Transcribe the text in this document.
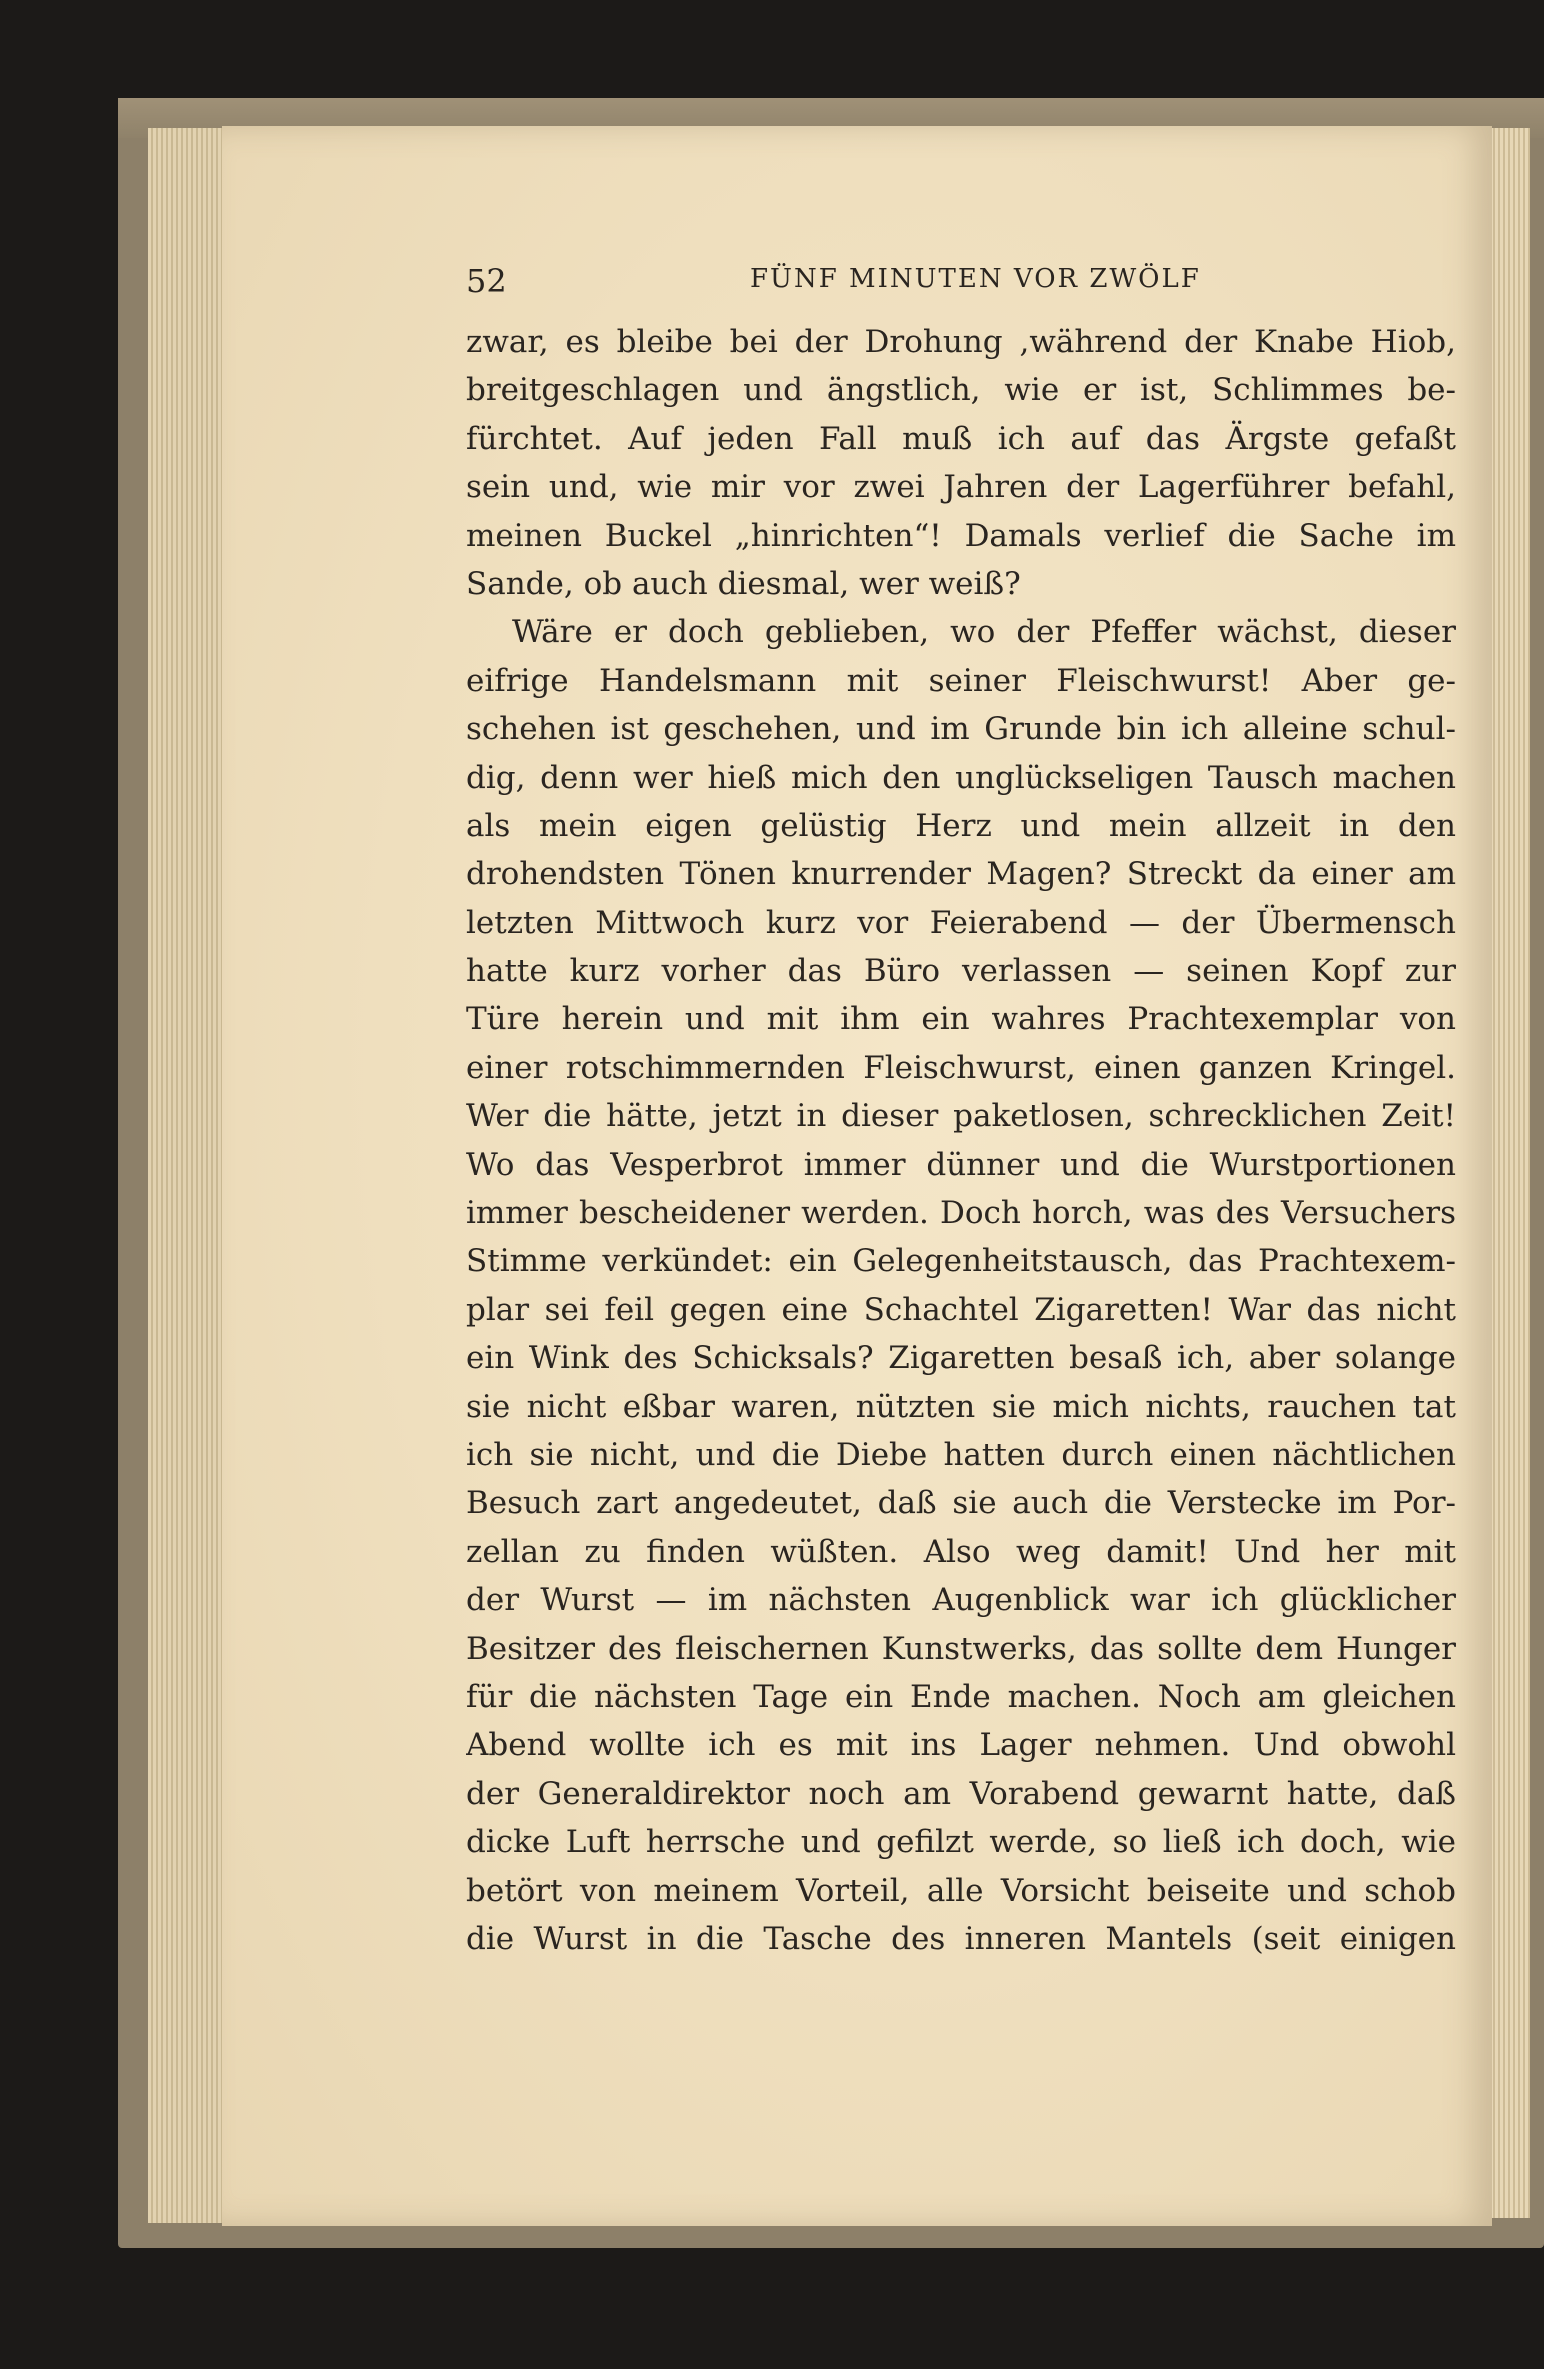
52	FÜNF MINUTEN VOR ZWÖLF
zwar, es bleibe bei der Drohung ,während der Knabe Hiob,
breitgeschlagen und ängstlich, wie er ist, Schlimmes be-
fürchtet. Auf jeden Fall muß ich auf das Ärgste gefaßt
sein und, wie mir vor zwei Jahren der Lagerführer befahl,
meinen Buckel „hinrichten“! Damals verlief die Sache im
Sande, ob auch diesmal, wer weiß?
Wäre er doch geblieben, wo der Pfeffer wächst, dieser
eifrige Handelsmann mit seiner Fleischwurst! Aber ge-
schehen ist geschehen, und im Grunde bin ich alleine schul-
dig, denn wer hieß mich den unglückseligen Tausch machen
als mein eigen gelüstig Herz und mein allzeit in den
drohendsten Tönen knurrender Magen? Streckt da einer am
letzten Mittwoch kurz vor Feierabend — der Übermensch
hatte kurz vorher das Büro verlassen — seinen Kopf zur
Türe herein und mit ihm ein wahres Prachtexemplar von
einer rotschimmernden Fleischwurst, einen ganzen Kringel.
Wer die hätte, jetzt in dieser paketlosen, schrecklichen Zeit!
Wo das Vesperbrot immer dünner und die Wurstportionen
immer bescheidener werden. Doch horch, was des Versuchers
Stimme verkündet: ein Gelegenheitstausch, das Prachtexem-
plar sei feil gegen eine Schachtel Zigaretten! War das nicht
ein Wink des Schicksals? Zigaretten besaß ich, aber solange
sie nicht eßbar waren, nützten sie mich nichts, rauchen tat
ich sie nicht, und die Diebe hatten durch einen nächtlichen
Besuch zart angedeutet, daß sie auch die Verstecke im Por-
zellan zu finden wüßten. Also weg damit! Und her mit
der Wurst — im nächsten Augenblick war ich glücklicher
Besitzer des fleischernen Kunstwerks, das sollte dem Hunger
für die nächsten Tage ein Ende machen. Noch am gleichen
Abend wollte ich es mit ins Lager nehmen. Und obwohl
der Generaldirektor noch am Vorabend gewarnt hatte, daß
dicke Luft herrsche und gefilzt werde, so ließ ich doch, wie
betört von meinem Vorteil, alle Vorsicht beiseite und schob
die Wurst in die Tasche des inneren Mantels (seit einigen
